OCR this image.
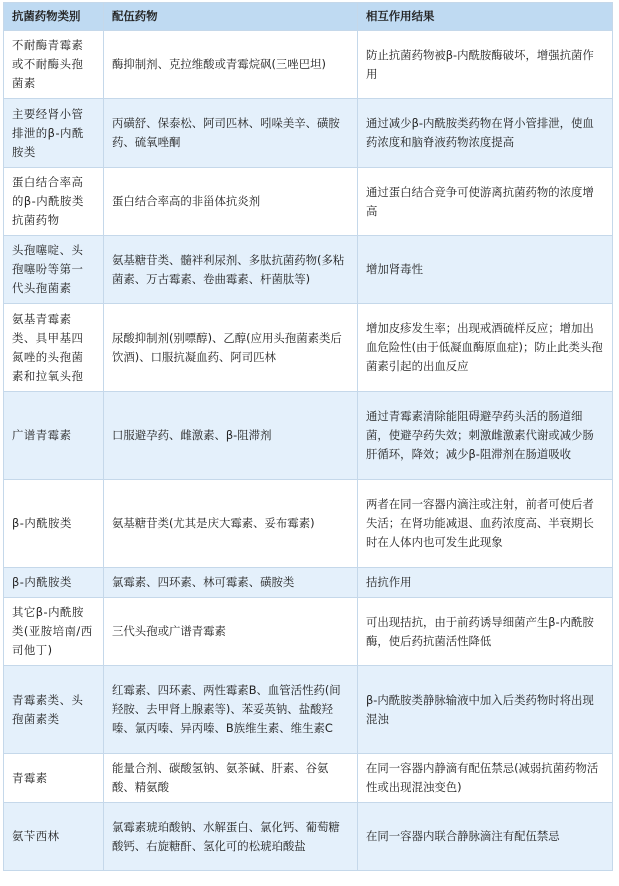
抗菌药物类别	配伍药物	相互作用结果
不耐酶青霉素或不耐酶头孢菌素	酶抑制剂、克拉维酸或青霉烷砜(三唑巴坦)	防止抗菌药物被β-内酰胺酶破坏，增强抗菌作用
主要经肾小管排泄的β-内酰胺类	丙磺舒、保泰松、阿司匹林、吲哚美辛、磺胺药、硫氧唑酮	通过减少β-内酰胺类药物在肾小管排泄，使血药浓度和脑脊液药物浓度提高
蛋白结合率高的β-内酰胺类抗菌药物	蛋白结合率高的非甾体抗炎剂	通过蛋白结合竞争可使游离抗菌药物的浓度增高
头孢噻啶、头孢噻吩等第一代头孢菌素	氨基糖苷类、髓袢利尿剂、多肽抗菌药物(多粘菌素、万古霉素、卷曲霉素、杆菌肽等)	增加肾毒性
氨基青霉素类、具甲基四氮唑的头孢菌素和拉氧头孢	尿酸抑制剂(别嘌醇)、乙醇(应用头孢菌素类后饮酒)、口服抗凝血药、阿司匹林	增加皮疹发生率；出现戒酒硫样反应；增加出血危险性(由于低凝血酶原血症)；防止此类头孢菌素引起的出血反应
广谱青霉素	口服避孕药、雌激素、β-阻滞剂	通过青霉素清除能阻碍避孕药头活的肠道细菌，使避孕药失效；刺激雌激素代谢或减少肠肝循环，降效；减少β-阻滞剂在肠道吸收
β-内酰胺类	氨基糖苷类(尤其是庆大霉素、妥布霉素)	两者在同一容器内滴注或注射，前者可使后者失活；在肾功能减退、血药浓度高、半衰期长时在人体内也可发生此现象
β-内酰胺类	氯霉素、四环素、林可霉素、磺胺类	拮抗作用
其它β-内酰胺类(亚胺培南/西司他丁)	三代头孢或广谱青霉素	可出现拮抗，由于前药诱导细菌产生β-内酰胺酶，使后药抗菌活性降低
青霉素类、头孢菌素类	红霉素、四环素、两性霉素B、血管活性药(间羟胺、去甲肾上腺素等)、苯妥英钠、盐酸羟嗪、氯丙嗪、异丙嗪、B族维生素、维生素C	β-内酰胺类静脉输液中加入后类药物时将出现混浊
青霉素	能量合剂、碳酸氢钠、氨茶碱、肝素、谷氨酸、精氨酸	在同一容器内静滴有配伍禁忌(减弱抗菌药物活性或出现混浊变色)
氨苄西林	氯霉素琥珀酸钠、水解蛋白、氯化钙、葡萄糖酸钙、右旋糖酐、氢化可的松琥珀酸盐	在同一容器内联合静脉滴注有配伍禁忌
